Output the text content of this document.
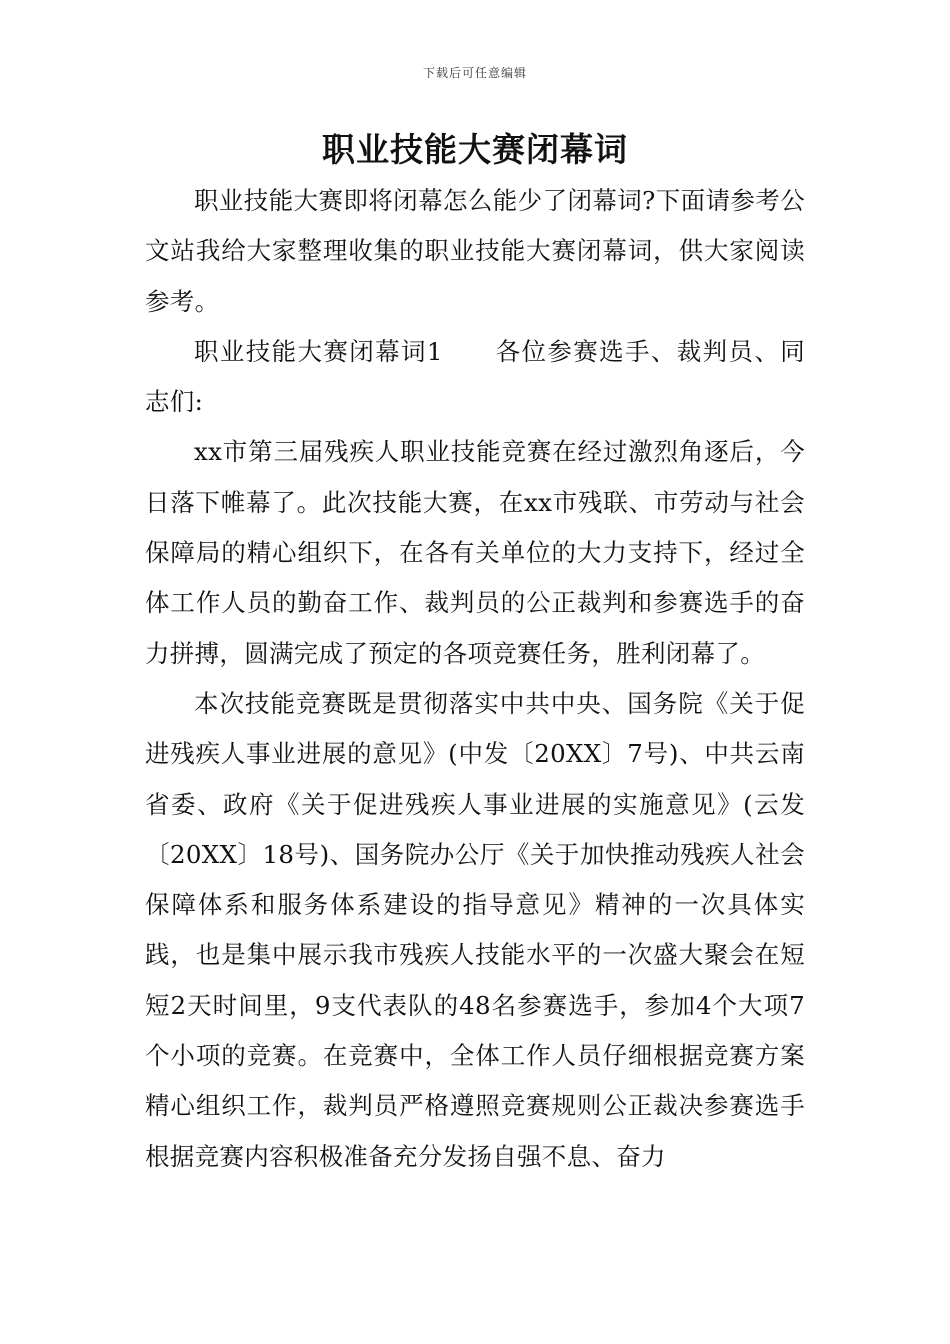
下载后可任意编辑
职业技能大赛闭幕词

职业技能大赛即将闭幕怎么能少了闭幕词?下面请参考公文站我给大家整理收集的职业技能大赛闭幕词，供大家阅读参考。

职业技能大赛闭幕词1　　各位参赛选手、裁判员、同志们:

xx市第三届残疾人职业技能竞赛在经过激烈角逐后，今日落下帷幕了。此次技能大赛，在xx市残联、市劳动与社会保障局的精心组织下，在各有关单位的大力支持下，经过全体工作人员的勤奋工作、裁判员的公正裁判和参赛选手的奋力拼搏，圆满完成了预定的各项竞赛任务，胜利闭幕了。

本次技能竞赛既是贯彻落实中共中央、国务院《关于促进残疾人事业进展的意见》(中发〔20XX〕7号)、中共云南省委、政府《关于促进残疾人事业进展的实施意见》(云发〔20XX〕18号)、国务院办公厅《关于加快推动残疾人社会保障体系和服务体系建设的指导意见》精神的一次具体实践，也是集中展示我市残疾人技能水平的一次盛大聚会在短短2天时间里，9支代表队的48名参赛选手，参加4个大项7个小项的竞赛。在竞赛中，全体工作人员仔细根据竞赛方案精心组织工作，裁判员严格遵照竞赛规则公正裁决参赛选手根据竞赛内容积极准备充分发扬自强不息、奋力
